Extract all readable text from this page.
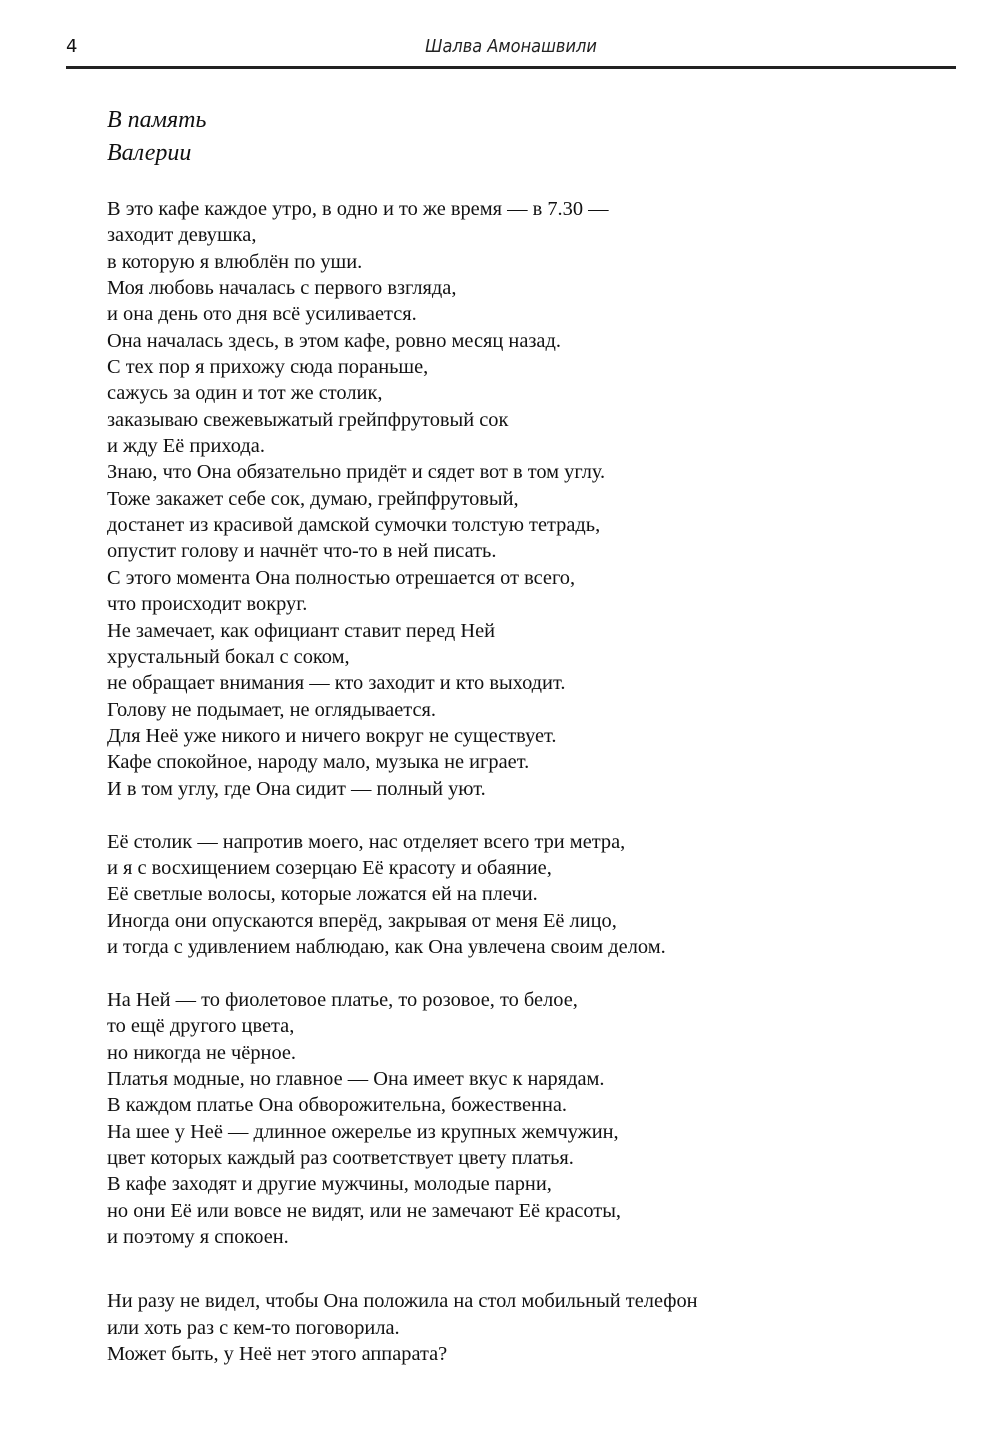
4	Шалва Амонашвили
В память
Валерии
В это кафе каждое утро, в одно и то же время — в 7.30 —
заходит девушка,
в которую я влюблён по уши.
Моя любовь началась с первого взгляда,
и она день ото дня всё усиливается.
Она началась здесь, в этом кафе, ровно месяц назад.
С тех пор я прихожу сюда пораньше,
сажусь за один и тот же столик,
заказываю свежевыжатый грейпфрутовый сок
и жду Её прихода.
Знаю, что Она обязательно придёт и сядет вот в том углу.
Тоже закажет себе сок, думаю, грейпфрутовый,
достанет из красивой дамской сумочки толстую тетрадь,
опустит голову и начнёт что-то в ней писать.
С этого момента Она полностью отрешается от всего,
что происходит вокруг.
Не замечает, как официант ставит перед Ней
хрустальный бокал с соком,
не обращает внимания — кто заходит и кто выходит.
Голову не подымает, не оглядывается.
Для Неё уже никого и ничего вокруг не существует.
Кафе спокойное, народу мало, музыка не играет.
И в том углу, где Она сидит — полный уют.
Её столик — напротив моего, нас отделяет всего три метра,
и я с восхищением созерцаю Её красоту и обаяние,
Её светлые волосы, которые ложатся ей на плечи.
Иногда они опускаются вперёд, закрывая от меня Её лицо,
и тогда с удивлением наблюдаю, как Она увлечена своим делом.
На Ней — то фиолетовое платье, то розовое, то белое,
то ещё другого цвета,
но никогда не чёрное.
Платья модные, но главное — Она имеет вкус к нарядам.
В каждом платье Она обворожительна, божественна.
На шее у Неё — длинное ожерелье из крупных жемчужин,
цвет которых каждый раз соответствует цвету платья.
В кафе заходят и другие мужчины, молодые парни,
но они Её или вовсе не видят, или не замечают Её красоты,
и поэтому я спокоен.
Ни разу не видел, чтобы Она положила на стол мобильный телефон
или хоть раз с кем-то поговорила.
Может быть, у Неё нет этого аппарата?
